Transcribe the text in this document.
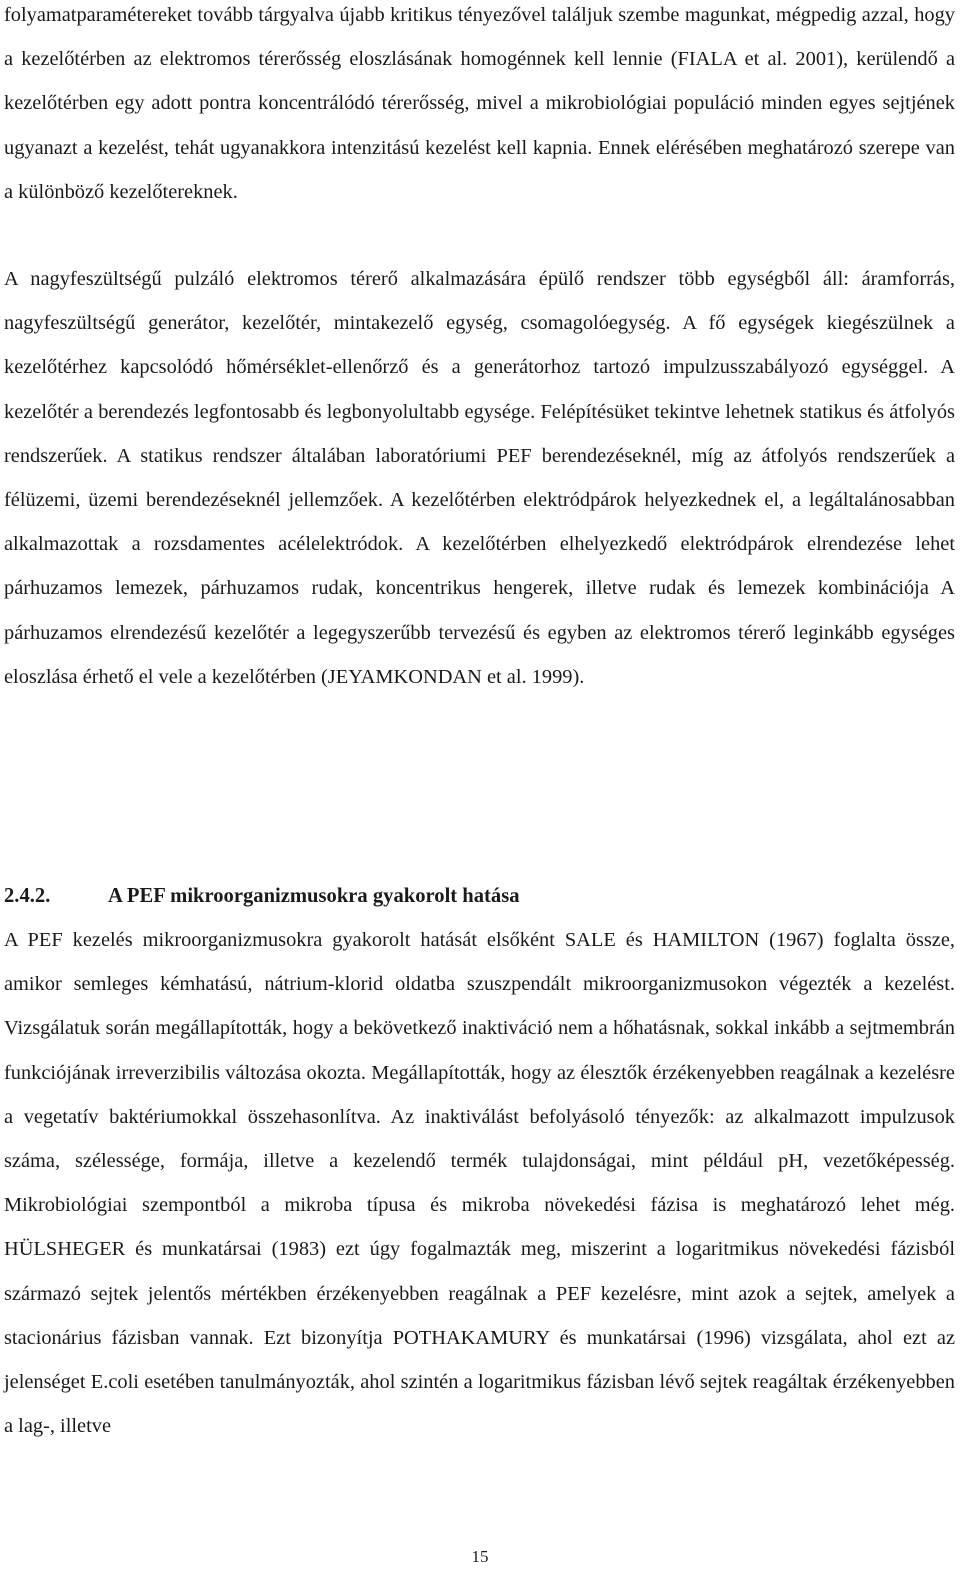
folyamatparamétereket tovább tárgyalva újabb kritikus tényezővel találjuk szembe magunkat, mégpedig azzal, hogy a kezelőtérben az elektromos térerősség eloszlásának homogénnek kell lennie (FIALA et al. 2001), kerülendő a kezelőtérben egy adott pontra koncentrálódó térerősség, mivel a mikrobiológiai populáció minden egyes sejtjének ugyanazt a kezelést, tehát ugyanakkora intenzitású kezelést kell kapnia. Ennek elérésében meghatározó szerepe van a különböző kezelőtereknek.

A nagyfeszültségű pulzáló elektromos térerő alkalmazására épülő rendszer több egységből áll: áramforrás, nagyfeszültségű generátor, kezelőtér, mintakezelő egység, csomagolóegység. A fő egységek kiegészülnek a kezelőtérhez kapcsolódó hőmérséklet-ellenőrző és a generátorhoz tartozó impulzusszabályozó egységgel. A kezelőtér a berendezés legfontosabb és legbonyolultabb egysége. Felépítésüket tekintve lehetnek statikus és átfolyós rendszerűek. A statikus rendszer általában laboratóriumi PEF berendezéseknél, míg az átfolyós rendszerűek a félüzemi, üzemi berendezéseknél jellemzőek. A kezelőtérben elektródpárok helyezkednek el, a legáltalánosabban alkalmazottak a rozsdamentes acélelektródok. A kezelőtérben elhelyezkedő elektródpárok elrendezése lehet párhuzamos lemezek, párhuzamos rudak, koncentrikus hengerek, illetve rudak és lemezek kombinációja A párhuzamos elrendezésű kezelőtér a legegyszerűbb tervezésű és egyben az elektromos térerő leginkább egységes eloszlása érhető el vele a kezelőtérben (JEYAMKONDAN et al. 1999).

2.4.2.	A PEF mikroorganizmusokra gyakorolt hatása

A PEF kezelés mikroorganizmusokra gyakorolt hatását elsőként SALE és HAMILTON (1967) foglalta össze, amikor semleges kémhatású, nátrium-klorid oldatba szuszpendált mikroorganizmusokon végezték a kezelést. Vizsgálatuk során megállapították, hogy a bekövetkező inaktiváció nem a hőhatásnak, sokkal inkább a sejtmembrán funkciójának irreverzibilis változása okozta. Megállapították, hogy az élesztők érzékenyebben reagálnak a kezelésre a vegetatív baktériumokkal összehasonlítva. Az inaktiválást befolyásoló tényezők: az alkalmazott impulzusok száma, szélessége, formája, illetve a kezelendő termék tulajdonságai, mint például pH, vezetőképesség. Mikrobiológiai szempontból a mikroba típusa és mikroba növekedési fázisa is meghatározó lehet még. HÜLSHEGER és munkatársai (1983) ezt úgy fogalmazták meg, miszerint a logaritmikus növekedési fázisból származó sejtek jelentős mértékben érzékenyebben reagálnak a PEF kezelésre, mint azok a sejtek, amelyek a stacionárius fázisban vannak. Ezt bizonyítja POTHAKAMURY és munkatársai (1996) vizsgálata, ahol ezt az jelenséget E.coli esetében tanulmányozták, ahol szintén a logaritmikus fázisban lévő sejtek reagáltak érzékenyebben a lag-, illetve

15
